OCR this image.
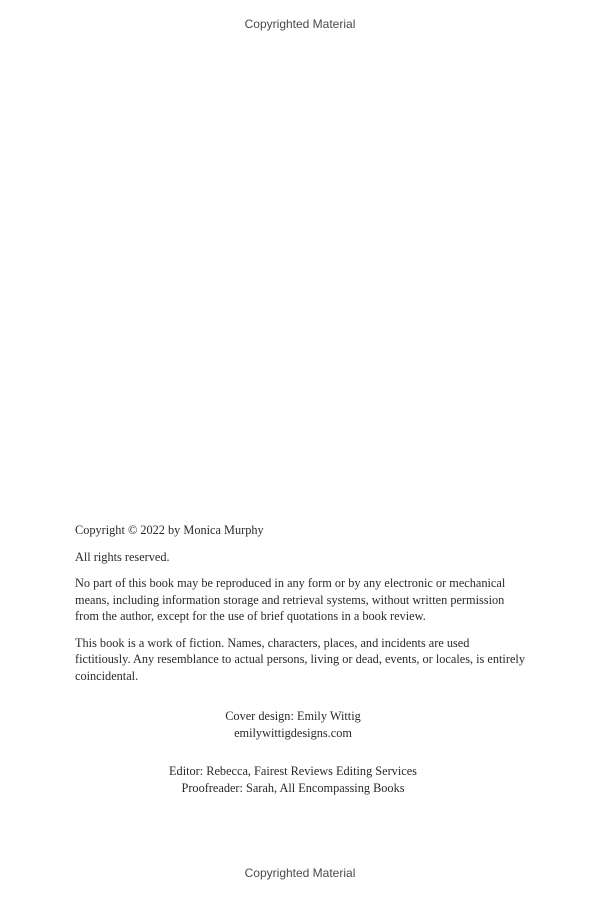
Copyrighted Material

Copyright © 2022 by Monica Murphy

All rights reserved.

No part of this book may be reproduced in any form or by any electronic or mechanical means, including information storage and retrieval systems, without written permission from the author, except for the use of brief quotations in a book review.

This book is a work of fiction. Names, characters, places, and incidents are used fictitiously. Any resemblance to actual persons, living or dead, events, or locales, is entirely coincidental.

Cover design: Emily Wittig
emilywittigdesigns.com
Editor: Rebecca, Fairest Reviews Editing Services
Proofreader: Sarah, All Encompassing Books
Copyrighted Material
